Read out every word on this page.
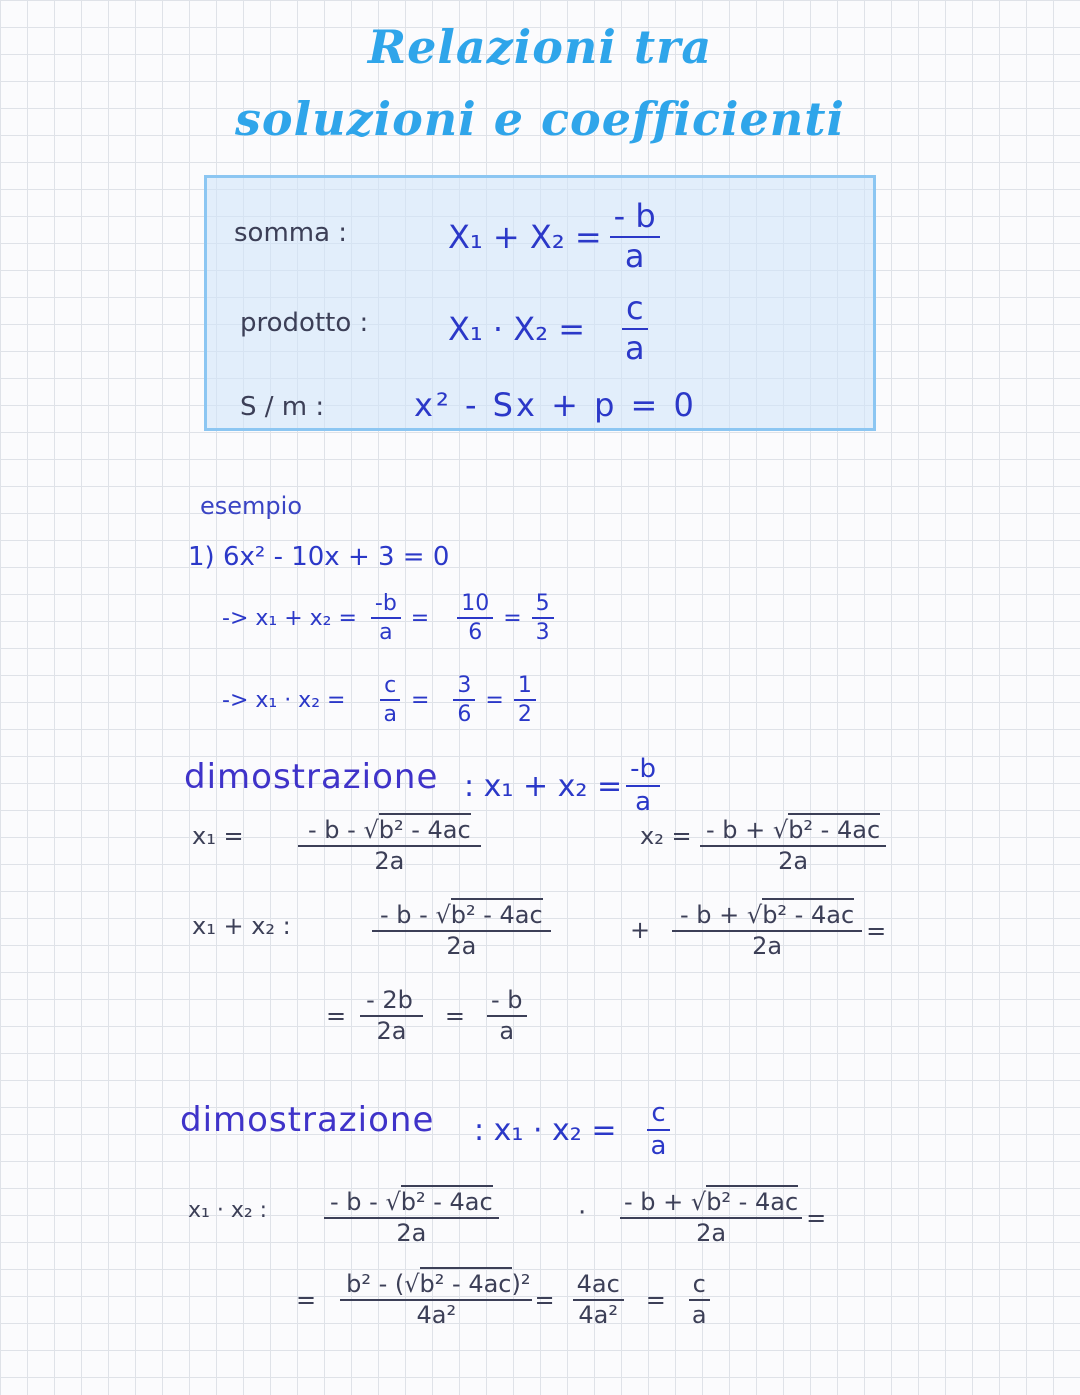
Relazioni tra
soluzioni e coefficienti
somma :	$X_1 + X_2 = \frac{- b}{a}$
prodotto : $X_1 \cdot X_2 = \frac{c}{a}$
S / m :	x² - Sx + p = 0
esempio
1) 6x² - 10x + 3 = 0
-> $x_1 + x_2 = \frac{-b}{a} = \frac{10}{6} = \frac{5}{3}$
-> $x_1 \cdot x_2 = \frac{c}{a} = \frac{3}{6} = \frac{1}{2}$
dimostrazione : $x_1 + x_2 = \frac{-b}{a}$
$x_1 = \frac{\text{- b - √b² - 4ac}}{2a}$	$x_2 = \frac{\text{- b + √b² - 4ac}}{2a}$
x₁ + x₂ :	$\frac{\text{- b - √b² - 4ac}}{2a}$	+ $\frac{\text{- b + √b² - 4ac}}{2a}$ =
= $\frac{- 2b}{2a} = \frac{- b}{a}$
dimostrazione : $x_1 \cdot x_2 = \frac{c}{a}$
x₁ · x₂ : $\frac{\text{- b - √b² - 4ac}}{2a}$	· $\frac{\text{- b + √b² - 4ac}}{2a}$ =
= $\frac{\text{b² - (√b² - 4ac)²}}{\text{4a²}} = \frac{4ac}{\text{4a²}} = \frac{c}{a}$
